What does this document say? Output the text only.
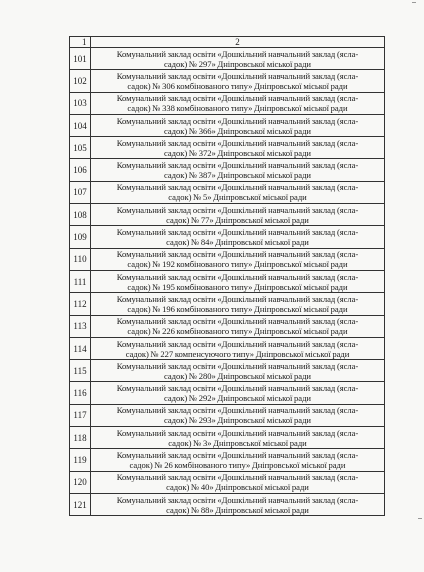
1	2
101	Комунальний заклад освіти «Дошкільний навчальний заклад (ясла-
садок) № 297» Дніпровської міської ради

102	Комунальний заклад освіти «Дошкільний навчальний заклад (ясла-
садок) № 306 комбінованого типу» Дніпровської міської ради

103	Комунальний заклад освіти «Дошкільний навчальний заклад (ясла-
садок) № 338 комбінованого типу» Дніпровської міської ради

104	Комунальний заклад освіти «Дошкільний навчальний заклад (ясла-
садок) № 366» Дніпровської міської ради

105	Комунальний заклад освіти «Дошкільний навчальний заклад (ясла-
садок) № 372» Дніпровської міської ради

106	Комунальний заклад освіти «Дошкільний навчальний заклад (ясла-
садок) № 387» Дніпровської міської ради

107	Комунальний заклад освіти «Дошкільний навчальний заклад (ясла-
садок) № 5» Дніпровської міської ради

108	Комунальний заклад освіти «Дошкільний навчальний заклад (ясла-
садок) № 77» Дніпровської міської ради

109	Комунальний заклад освіти «Дошкільний навчальний заклад (ясла-
садок) № 84» Дніпровської міської ради

110	Комунальний заклад освіти «Дошкільний навчальний заклад (ясла-
садок) № 192 комбінованого типу» Дніпровської міської ради

111	Комунальний заклад освіти «Дошкільний навчальний заклад (ясла-
садок) № 195 комбінованого типу» Дніпровської міської ради

112	Комунальний заклад освіти «Дошкільний навчальний заклад (ясла-
садок) № 196 комбінованого типу» Дніпровської міської ради

113	Комунальний заклад освіти «Дошкільний навчальний заклад (ясла-
садок) № 226 комбінованого типу» Дніпровської міської ради

114	Комунальний заклад освіти «Дошкільний навчальний заклад (ясла-
садок) № 227 компенсуючого типу» Дніпровської міської ради

115	Комунальний заклад освіти «Дошкільний навчальний заклад (ясла-
садок) № 280» Дніпровської міської ради

116	Комунальний заклад освіти «Дошкільний навчальний заклад (ясла-
садок) № 292» Дніпровської міської ради

117	Комунальний заклад освіти «Дошкільний навчальний заклад (ясла-
садок) № 293» Дніпровської міської ради

118	Комунальний заклад освіти «Дошкільний навчальний заклад (ясла-
садок) № 3» Дніпровської міської ради

119	Комунальний заклад освіти «Дошкільний навчальний заклад (ясла-
садок) № 26 комбінованого типу» Дніпровської міської ради

120	Комунальний заклад освіти «Дошкільний навчальний заклад (ясла-
садок) № 40» Дніпровської міської ради

121	Комунальний заклад освіти «Дошкільний навчальний заклад (ясла-
садок) № 88» Дніпровської міської ради
